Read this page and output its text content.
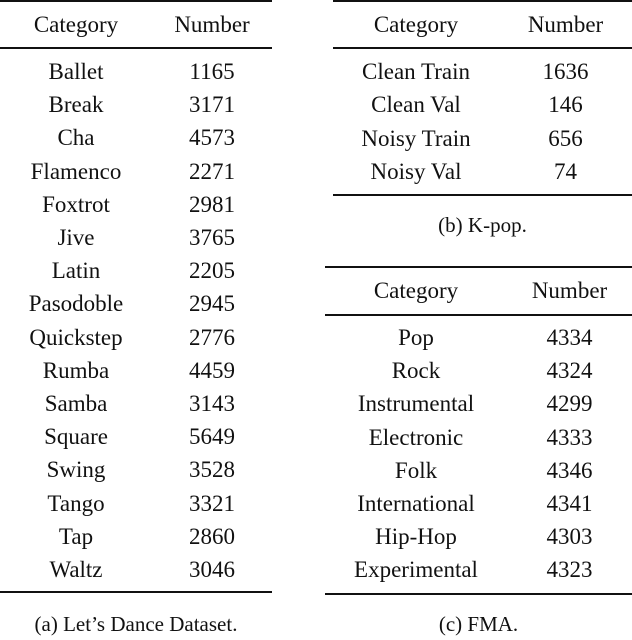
Category	Number
Ballet	1165
Break	3171
Cha	4573
Flamenco	2271
Foxtrot	2981
Jive	3765
Latin	2205
Pasodoble	2945
Quickstep	2776
Rumba	4459
Samba	3143
Square	5649
Swing	3528
Tango	3321
Tap	2860
Waltz	3046
(a) Let’s Dance Dataset.
Category	Number
Clean Train	1636
Clean Val	146
Noisy Train	656
Noisy Val	74
(b) K-pop.
Category	Number
Pop	4334
Rock	4324
Instrumental	4299
Electronic	4333
Folk	4346
International	4341
Hip-Hop	4303
Experimental	4323
(c) FMA.
